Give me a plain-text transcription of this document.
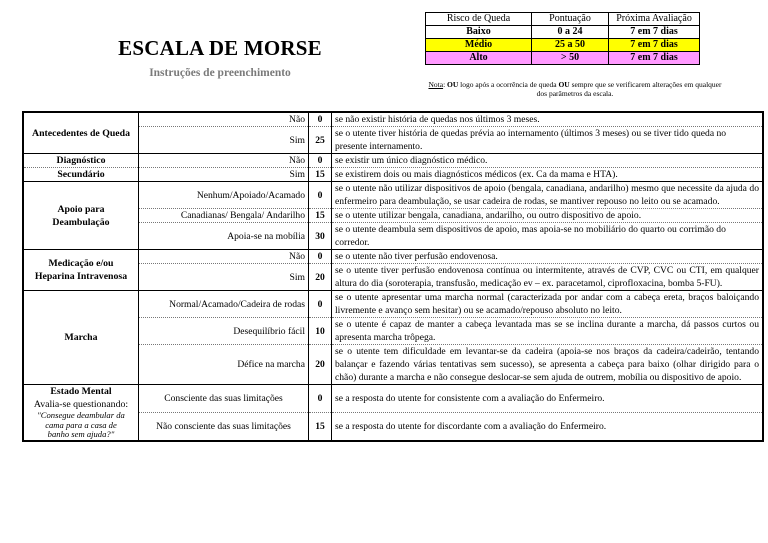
ESCALA DE MORSE
Instruções de preenchimento
Risco de Queda	Pontuação	Próxima Avaliação
Baixo	0 a 24	7 em 7 dias
Médio	25 a 50	7 em 7 dias
Alto	> 50	7 em 7 dias
Nota: OU logo após a ocorrência de queda OU sempre que se verificarem alterações em qualquer dos parâmetros da escala.
Antecedentes de Queda	Não	0	se não existir história de quedas nos últimos 3 meses.
	Sim	25	se o utente tiver história de quedas prévia ao internamento (últimos 3 meses) ou se tiver tido queda no presente internamento.
Diagnóstico	Não	0	se existir um único diagnóstico médico.
Secundário	Sim	15	se existirem dois ou mais diagnósticos médicos (ex. Ca da mama e HTA).
Apoio para
Deambulação	Nenhum/Apoiado/Acamado	0	se o utente não utilizar dispositivos de apoio (bengala, canadiana, andarilho) mesmo que necessite da ajuda do enfermeiro para deambulação, se usar cadeira de rodas, se mantiver repouso no leito ou se acamado.
	Canadianas/ Bengala/ Andarilho	15	se o utente utilizar bengala, canadiana, andarilho, ou outro dispositivo de apoio.
	Apoia-se na mobília	30	se o utente deambula sem dispositivos de apoio, mas apoia-se no mobiliário do quarto ou corrimão do corredor.
Medicação e/ou
Heparina Intravenosa	Não	0	se o utente não tiver perfusão endovenosa.
	Sim	20	se o utente tiver perfusão endovenosa contínua ou intermitente, através de CVP, CVC ou CTI, em qualquer altura do dia (soroterapia, transfusão, medicação ev – ex. paracetamol, ciprofloxacina, bomba 5-FU).
Marcha	Normal/Acamado/Cadeira de rodas	0	se o utente apresentar uma marcha normal (caracterizada por andar com a cabeça ereta, braços baloiçando livremente e avanço sem hesitar) ou se acamado/repouso absoluto no leito.
	Desequilíbrio fácil	10	se o utente é capaz de manter a cabeça levantada mas se se inclina durante a marcha, dá passos curtos ou apresenta marcha trôpega.
	Défice na marcha	20	se o utente tem dificuldade em levantar-se da cadeira (apoia-se nos braços da cadeira/cadeirão, tentando balançar e fazendo várias tentativas sem sucesso), se apresenta a cabeça para baixo (olhar dirigido para o chão) durante a marcha e não consegue deslocar-se sem ajuda de outrem, mobília ou dispositivo de apoio.
Estado Mental
Avalia-se questionando:
"Consegue deambular da
cama para a casa de
banho sem ajuda?"	Consciente das suas limitações	0	se a resposta do utente for consistente com a avaliação do Enfermeiro.
	Não consciente das suas limitações	15	se a resposta do utente for discordante com a avaliação do Enfermeiro.
